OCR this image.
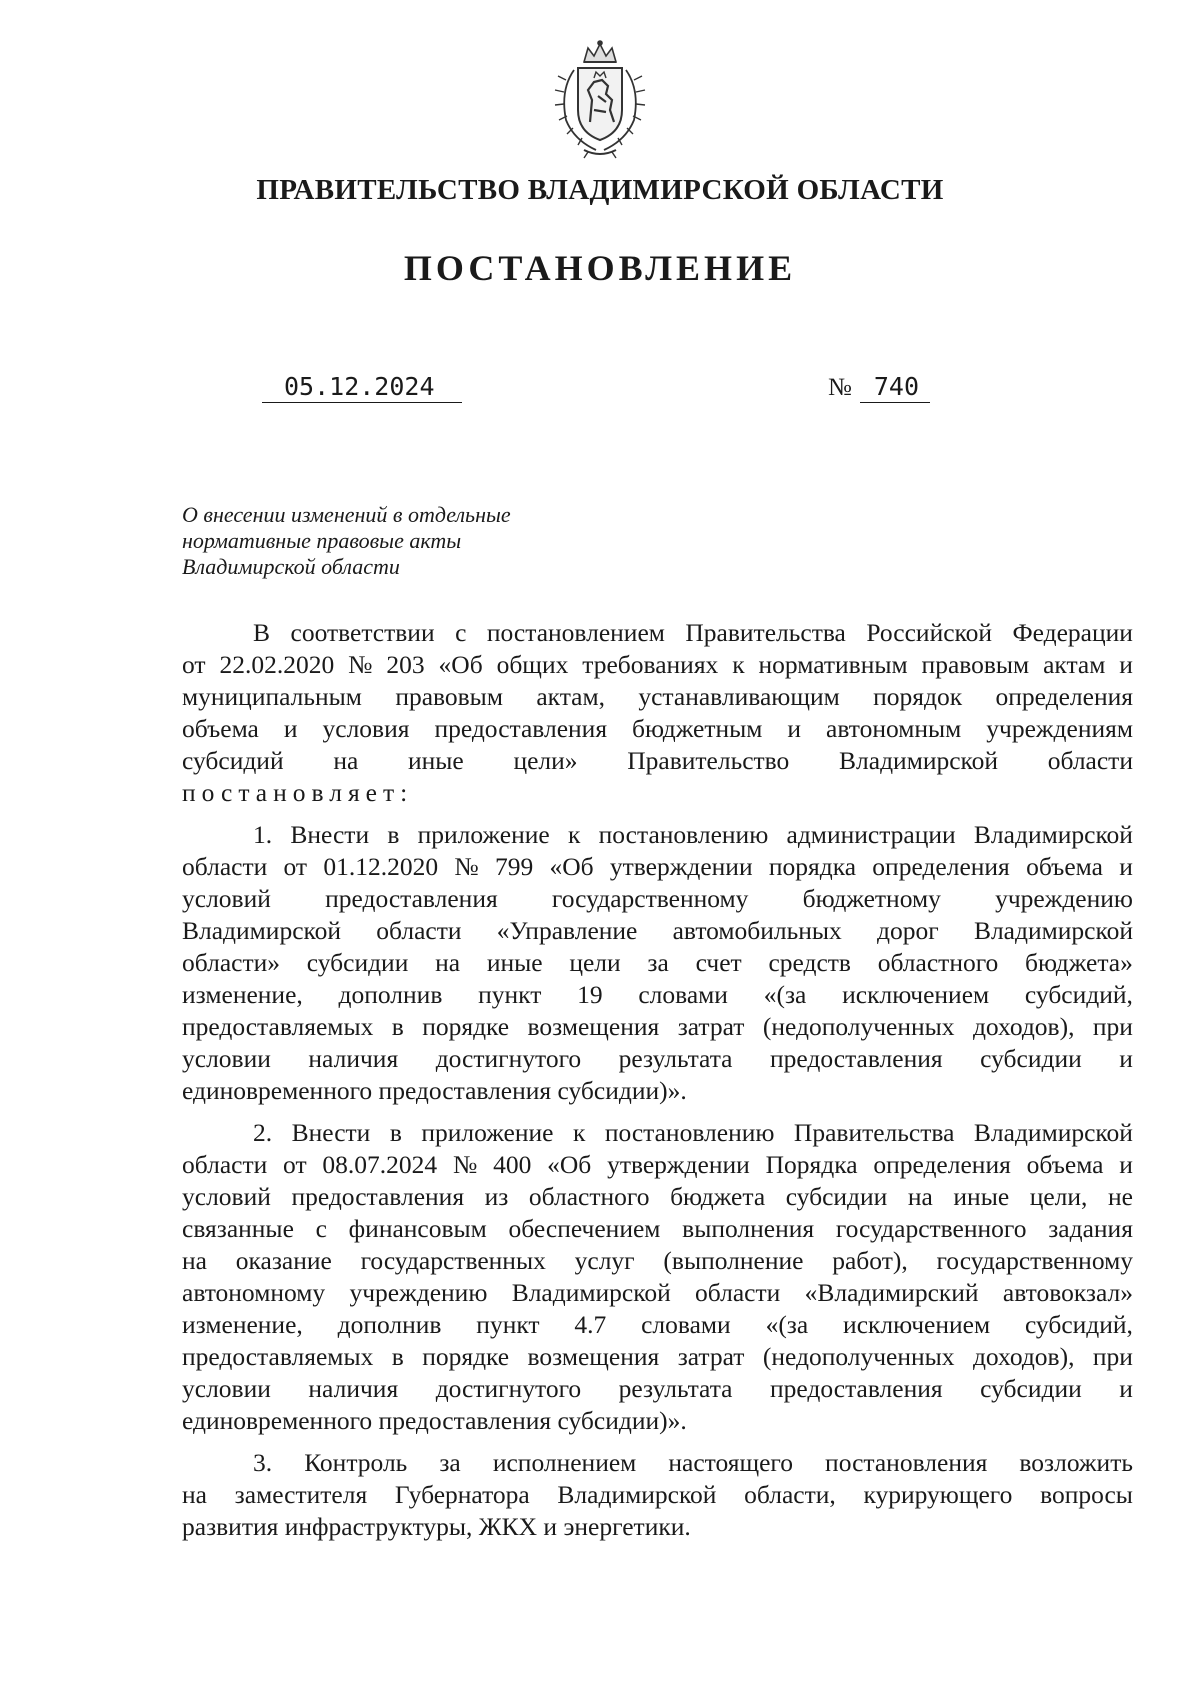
ПРАВИТЕЛЬСТВО ВЛАДИМИРСКОЙ ОБЛАСТИ
ПОСТАНОВЛЕНИЕ
05.12.2024	№ 740
О внесении изменений в отдельные
нормативные правовые акты
Владимирской области
В соответствии с постановлением Правительства Российской Федерации
от 22.02.2020 № 203 «Об общих требованиях к нормативным правовым актам и
муниципальным правовым актам, устанавливающим порядок определения
объема и условия предоставления бюджетным и автономным учреждениям
субсидий на иные цели» Правительство Владимирской области
постановляет:
1. Внести в приложение к постановлению администрации Владимирской
области от 01.12.2020 № 799 «Об утверждении порядка определения объема и
условий предоставления государственному бюджетному учреждению
Владимирской области «Управление автомобильных дорог Владимирской
области» субсидии на иные цели за счет средств областного бюджета»
изменение, дополнив пункт 19 словами «(за исключением субсидий,
предоставляемых в порядке возмещения затрат (недополученных доходов), при
условии наличия достигнутого результата предоставления субсидии и
единовременного предоставления субсидии)».
2. Внести в приложение к постановлению Правительства Владимирской
области от 08.07.2024 № 400 «Об утверждении Порядка определения объема и
условий предоставления из областного бюджета субсидии на иные цели, не
связанные с финансовым обеспечением выполнения государственного задания
на оказание государственных услуг (выполнение работ), государственному
автономному учреждению Владимирской области «Владимирский автовокзал»
изменение, дополнив пункт 4.7 словами «(за исключением субсидий,
предоставляемых в порядке возмещения затрат (недополученных доходов), при
условии наличия достигнутого результата предоставления субсидии и
единовременного предоставления субсидии)».
3. Контроль за исполнением настоящего постановления возложить
на заместителя Губернатора Владимирской области, курирующего вопросы
развития инфраструктуры, ЖКХ и энергетики.
